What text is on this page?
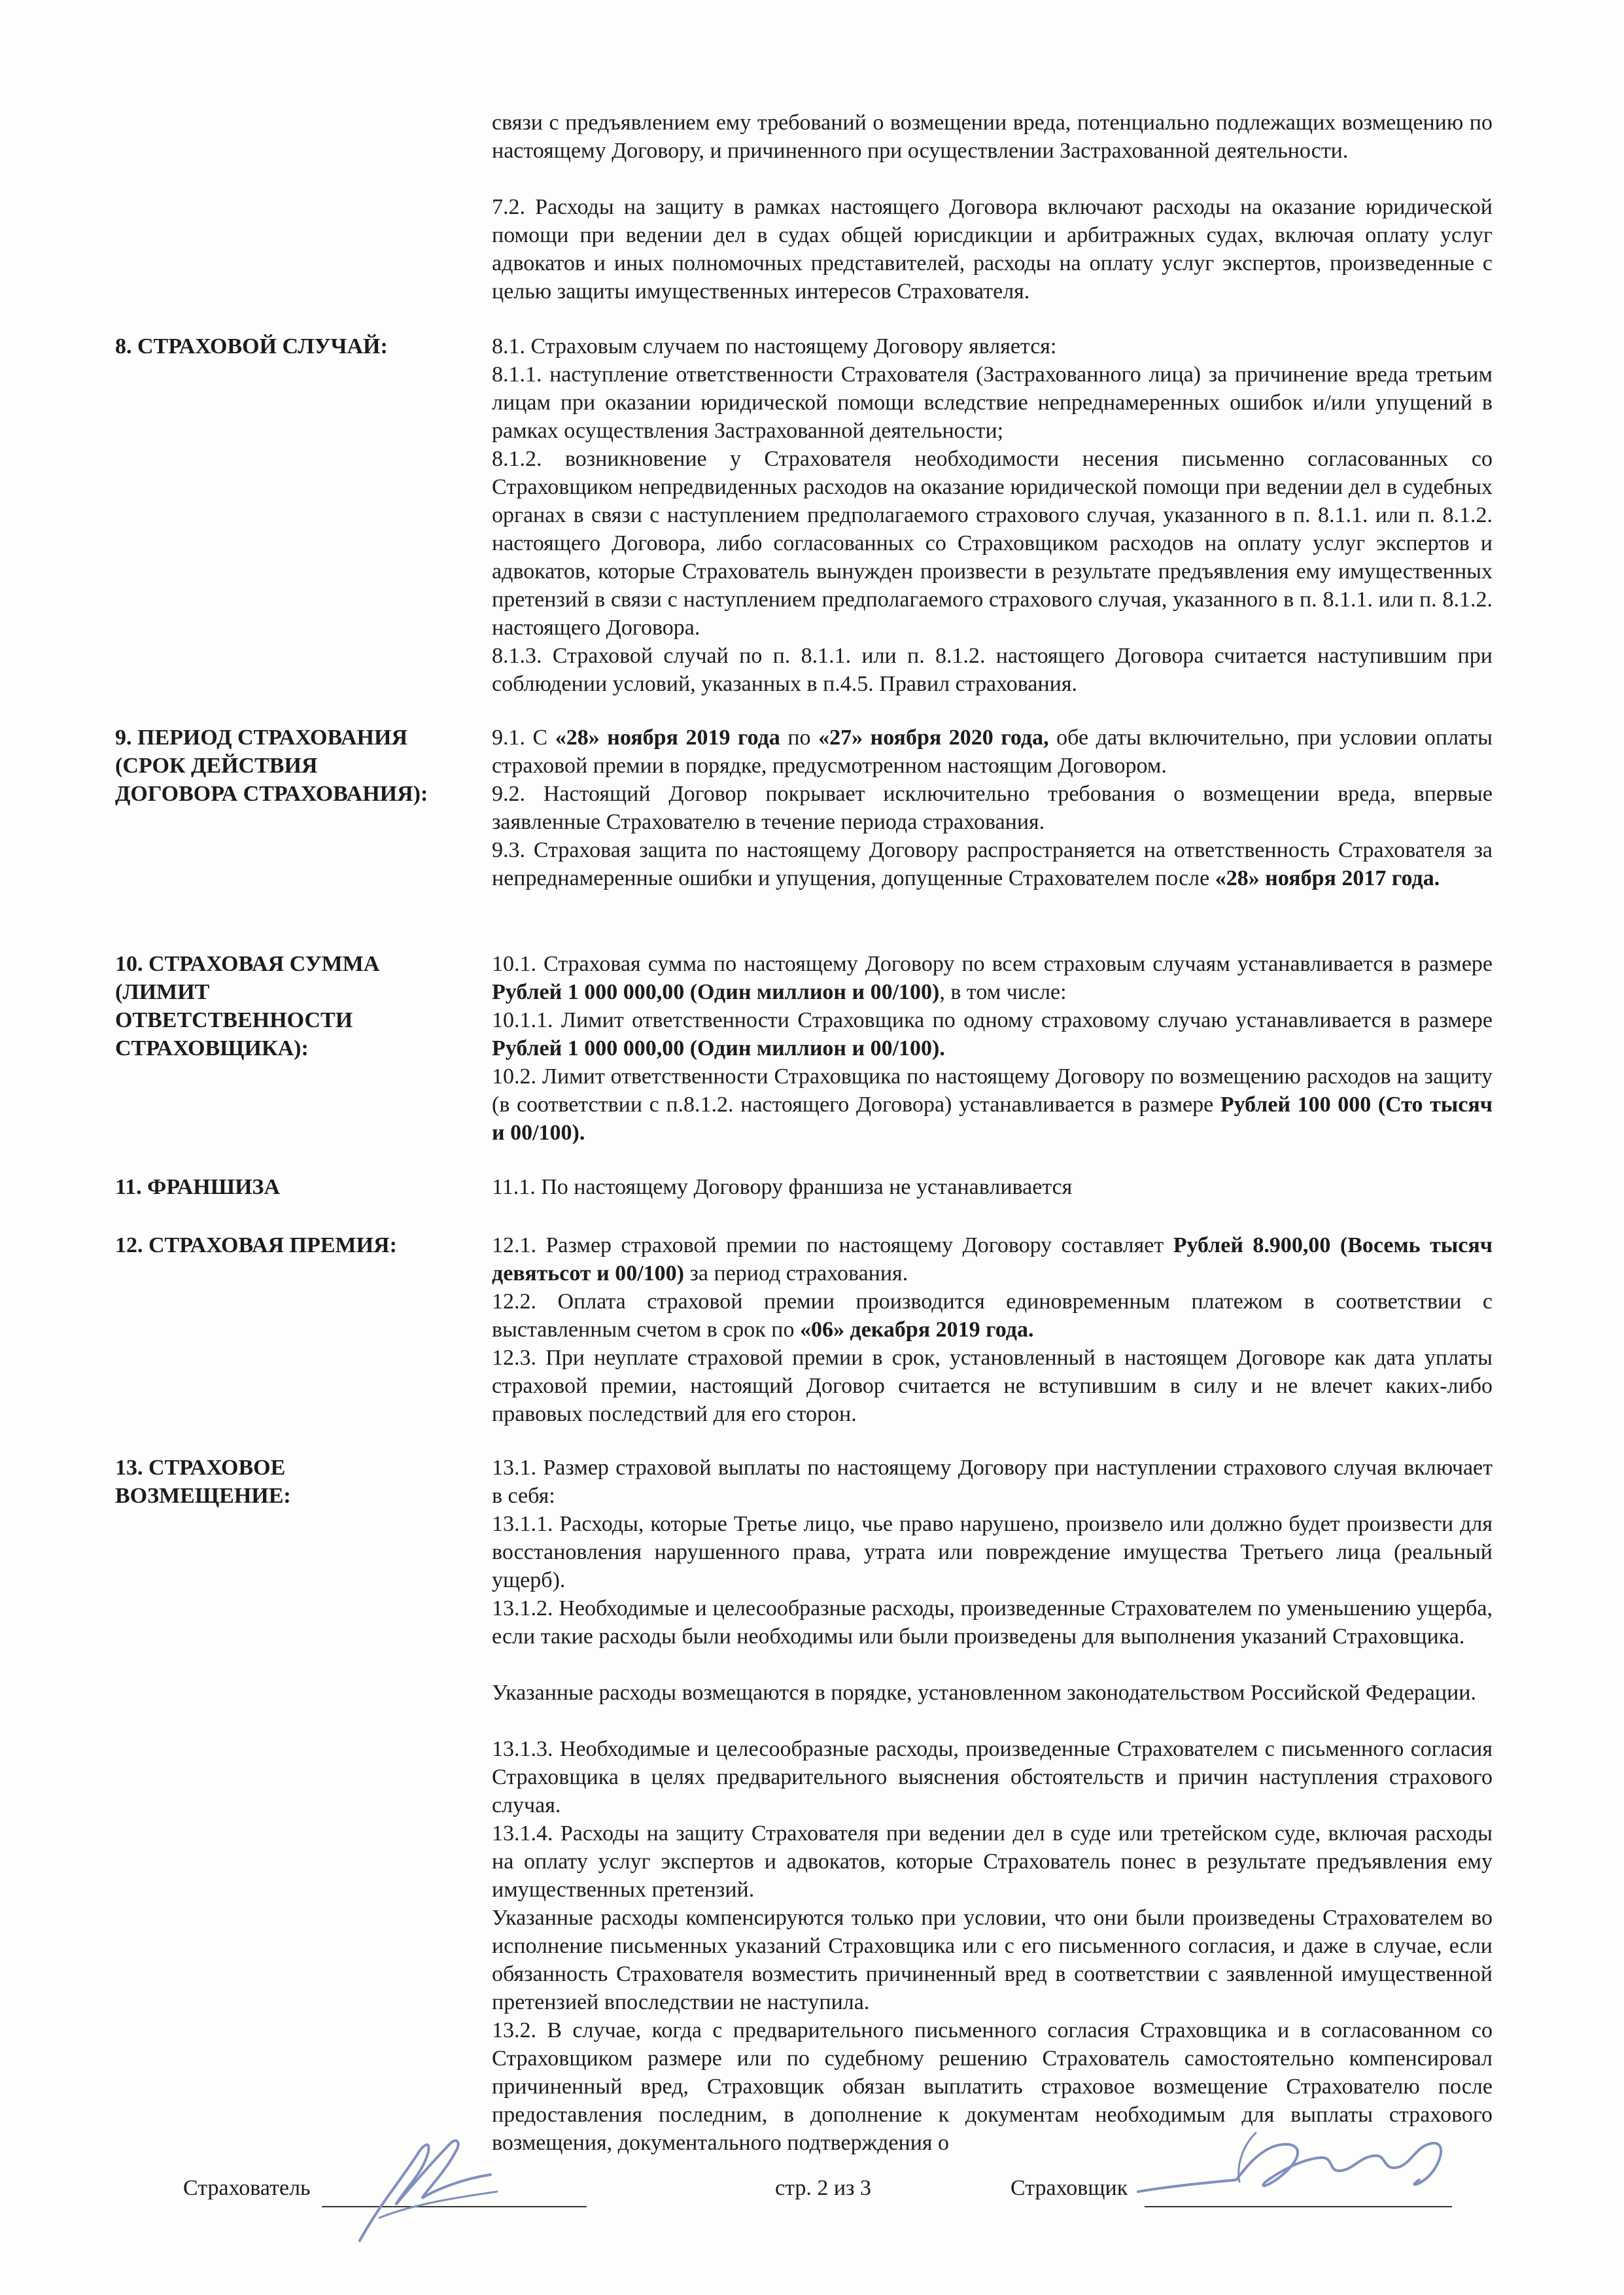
связи с предъявлением ему требований о возмещении вреда, потенциально подлежащих возмещению по настоящему Договору, и причиненного при осуществлении Застрахованной деятельности.

7.2. Расходы на защиту в рамках настоящего Договора включают расходы на оказание юридической помощи при ведении дел в судах общей юрисдикции и арбитражных судах, включая оплату услуг адвокатов и иных полномочных представителей, расходы на оплату услуг экспертов, произведенные с целью защиты имущественных интересов Страхователя.

8. СТРАХОВОЙ СЛУЧАЙ:	8.1. Страховым случаем по настоящему Договору является:

8.1.1. наступление ответственности Страхователя (Застрахованного лица) за причинение вреда третьим лицам при оказании юридической помощи вследствие непреднамеренных ошибок и/или упущений в рамках осуществления Застрахованной деятельности;

8.1.2. возникновение у Страхователя необходимости несения письменно согласованных со Страховщиком непредвиденных расходов на оказание юридической помощи при ведении дел в судебных органах в связи с наступлением предполагаемого страхового случая, указанного в п. 8.1.1. или п. 8.1.2. настоящего Договора, либо согласованных со Страховщиком расходов на оплату услуг экспертов и адвокатов, которые Страхователь вынужден произвести в результате предъявления ему имущественных претензий в связи с наступлением предполагаемого страхового случая, указанного в п. 8.1.1. или п. 8.1.2. настоящего Договора.

8.1.3. Страховой случай по п. 8.1.1. или п. 8.1.2. настоящего Договора считается наступившим при соблюдении условий, указанных в п.4.5. Правил страхования.

9. ПЕРИОД СТРАХОВАНИЯ
(СРОК ДЕЙСТВИЯ
ДОГОВОРА СТРАХОВАНИЯ):

9.1. С «28» ноября 2019 года по «27» ноября 2020 года, обе даты включительно, при условии оплаты страховой премии в порядке, предусмотренном настоящим Договором.

9.2. Настоящий Договор покрывает исключительно требования о возмещении вреда, впервые заявленные Страхователю в течение периода страхования.

9.3. Страховая защита по настоящему Договору распространяется на ответственность Страхователя за непреднамеренные ошибки и упущения, допущенные Страхователем после «28» ноября 2017 года.

10. СТРАХОВАЯ СУММА
(ЛИМИТ
ОТВЕТСТВЕННОСТИ
СТРАХОВЩИКА):

10.1. Страховая сумма по настоящему Договору по всем страховым случаям устанавливается в размере Рублей 1 000 000,00 (Один миллион и 00/100), в том числе:

10.1.1. Лимит ответственности Страховщика по одному страховому случаю устанавливается в размере Рублей 1 000 000,00 (Один миллион и 00/100).

10.2. Лимит ответственности Страховщика по настоящему Договору по возмещению расходов на защиту (в соответствии с п.8.1.2. настоящего Договора) устанавливается в размере Рублей 100 000 (Сто тысяч и 00/100).

11. ФРАНШИЗА	11.1. По настоящему Договору франшиза не устанавливается

12. СТРАХОВАЯ ПРЕМИЯ:	12.1. Размер страховой премии по настоящему Договору составляет Рублей 8.900,00 (Восемь тысяч девятьсот и 00/100) за период страхования.

12.2. Оплата страховой премии производится единовременным платежом в соответствии с выставленным счетом в срок по «06» декабря 2019 года.

12.3. При неуплате страховой премии в срок, установленный в настоящем Договоре как дата уплаты страховой премии, настоящий Договор считается не вступившим в силу и не влечет каких-либо правовых последствий для его сторон.

13. СТРАХОВОЕ
ВОЗМЕЩЕНИЕ:

13.1. Размер страховой выплаты по настоящему Договору при наступлении страхового случая включает в себя:

13.1.1. Расходы, которые Третье лицо, чье право нарушено, произвело или должно будет произвести для восстановления нарушенного права, утрата или повреждение имущества Третьего лица (реальный ущерб).

13.1.2. Необходимые и целесообразные расходы, произведенные Страхователем по уменьшению ущерба, если такие расходы были необходимы или были произведены для выполнения указаний Страховщика.

Указанные расходы возмещаются в порядке, установленном законодательством Российской Федерации.

13.1.3. Необходимые и целесообразные расходы, произведенные Страхователем с письменного согласия Страховщика в целях предварительного выяснения обстоятельств и причин наступления страхового случая.

13.1.4. Расходы на защиту Страхователя при ведении дел в суде или третейском суде, включая расходы на оплату услуг экспертов и адвокатов, которые Страхователь понес в результате предъявления ему имущественных претензий.

Указанные расходы компенсируются только при условии, что они были произведены Страхователем во исполнение письменных указаний Страховщика или с его письменного согласия, и даже в случае, если обязанность Страхователя возместить причиненный вред в соответствии с заявленной имущественной претензией впоследствии не наступила.

13.2. В случае, когда с предварительного письменного согласия Страховщика и в согласованном со Страховщиком размере или по судебному решению Страхователь самостоятельно компенсировал причиненный вред, Страховщик обязан выплатить страховое возмещение Страхователю после предоставления последним, в дополнение к документам необходимым для выплаты страхового возмещения, документального подтверждения о

Страхователь	стр. 2 из 3	Страховщик
